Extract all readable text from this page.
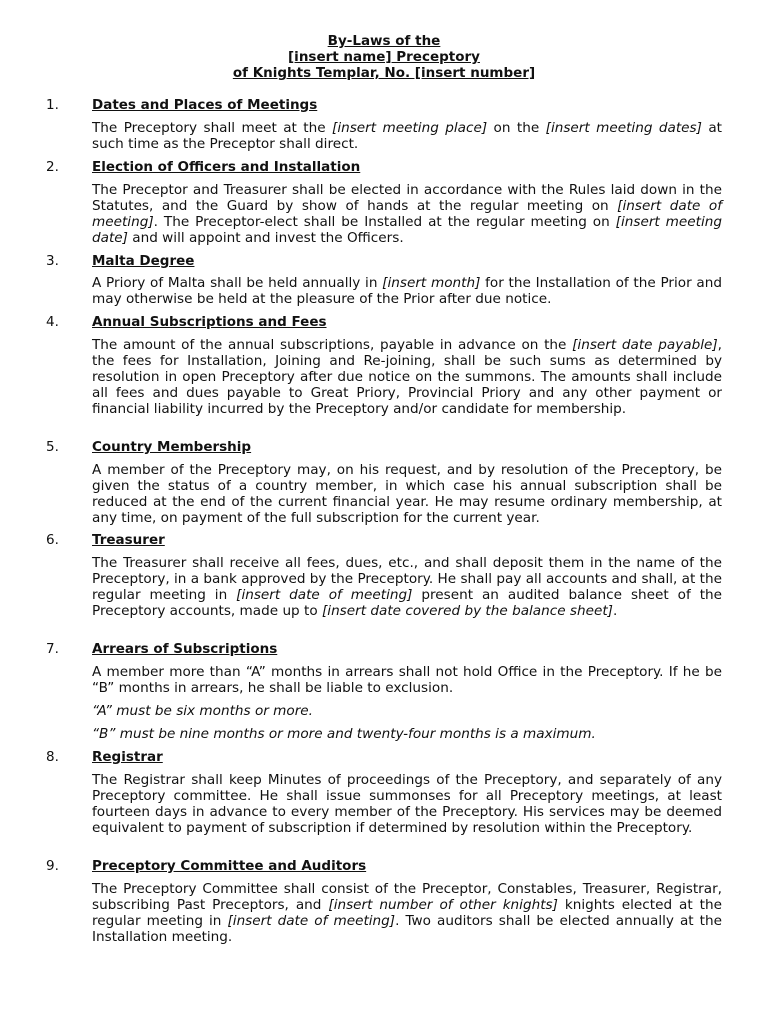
By-Laws of the
[insert name] Preceptory
of Knights Templar, No. [insert number]
1. Dates and Places of Meetings

The Preceptory shall meet at the [insert meeting place] on the [insert meeting dates] at such time as the Preceptor shall direct.

2. Election of Officers and Installation

The Preceptor and Treasurer shall be elected in accordance with the Rules laid down in the Statutes, and the Guard by show of hands at the regular meeting on [insert date of meeting]. The Preceptor-elect shall be Installed at the regular meeting on [insert meeting date] and will appoint and invest the Officers.

3. Malta Degree

A Priory of Malta shall be held annually in [insert month] for the Installation of the Prior and may otherwise be held at the pleasure of the Prior after due notice.

4. Annual Subscriptions and Fees

The amount of the annual subscriptions, payable in advance on the [insert date payable], the fees for Installation, Joining and Re-joining, shall be such sums as determined by resolution in open Preceptory after due notice on the summons. The amounts shall include all fees and dues payable to Great Priory, Provincial Priory and any other payment or financial liability incurred by the Preceptory and/or candidate for membership.

5. Country Membership

A member of the Preceptory may, on his request, and by resolution of the Preceptory, be given the status of a country member, in which case his annual subscription shall be reduced at the end of the current financial year. He may resume ordinary membership, at any time, on payment of the full subscription for the current year.

6. Treasurer

The Treasurer shall receive all fees, dues, etc., and shall deposit them in the name of the Preceptory, in a bank approved by the Preceptory. He shall pay all accounts and shall, at the regular meeting in [insert date of meeting] present an audited balance sheet of the Preceptory accounts, made up to [insert date covered by the balance sheet].

7. Arrears of Subscriptions

A member more than “A” months in arrears shall not hold Office in the Preceptory. If he be “B” months in arrears, he shall be liable to exclusion.

“A” must be six months or more.

“B” must be nine months or more and twenty-four months is a maximum.

8. Registrar

The Registrar shall keep Minutes of proceedings of the Preceptory, and separately of any Preceptory committee. He shall issue summonses for all Preceptory meetings, at least fourteen days in advance to every member of the Preceptory. His services may be deemed equivalent to payment of subscription if determined by resolution within the Preceptory.

9. Preceptory Committee and Auditors

The Preceptory Committee shall consist of the Preceptor, Constables, Treasurer, Registrar, subscribing Past Preceptors, and [insert number of other knights] knights elected at the regular meeting in [insert date of meeting]. Two auditors shall be elected annually at the Installation meeting.
